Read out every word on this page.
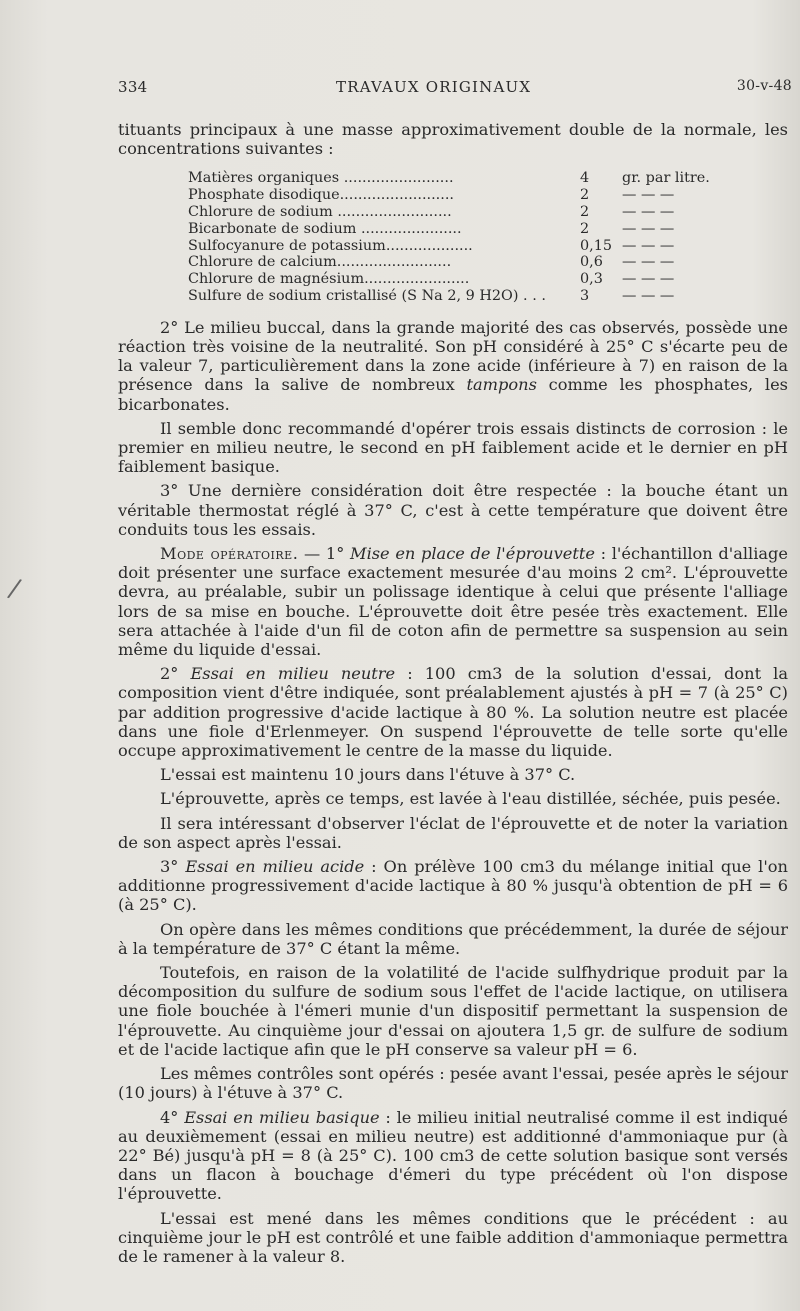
334	TRAVAUX ORIGINAUX	30-v-48
/

tituants principaux à une masse approximativement double de la normale, les concentrations suivantes :

Matières organiques ........................	4	gr. par litre.
Phosphate disodique.........................	2	— — —
Chlorure de sodium .........................	2	— — —
Bicarbonate de sodium ......................	2	— — —
Sulfocyanure de potassium...................	0,15	— — —
Chlorure de calcium.........................	0,6	— — —
Chlorure de magnésium.......................	0,3	— — —
Sulfure de sodium cristallisé (S Na 2, 9 H2O) . . .	3	— — —

2° Le milieu buccal, dans la grande majorité des cas observés, possède une réaction très voisine de la neutralité. Son pH considéré à 25° C s'écarte peu de la valeur 7, particulièrement dans la zone acide (inférieure à 7) en raison de la présence dans la salive de nombreux tampons comme les phosphates, les bicarbonates.

Il semble donc recommandé d'opérer trois essais distincts de corrosion : le premier en milieu neutre, le second en pH faiblement acide et le dernier en pH faiblement basique.

3° Une dernière considération doit être respectée : la bouche étant un véritable thermostat réglé à 37° C, c'est à cette température que doivent être conduits tous les essais.

Mode opératoire. — 1° Mise en place de l'éprouvette : l'échantillon d'alliage doit présenter une surface exactement mesurée d'au moins 2 cm². L'éprouvette devra, au préalable, subir un polissage identique à celui que présente l'alliage lors de sa mise en bouche. L'éprouvette doit être pesée très exactement. Elle sera attachée à l'aide d'un fil de coton afin de permettre sa suspension au sein même du liquide d'essai.

2° Essai en milieu neutre : 100 cm3 de la solution d'essai, dont la composition vient d'être indiquée, sont préalablement ajustés à pH = 7 (à 25° C) par addition progressive d'acide lactique à 80 %. La solution neutre est placée dans une fiole d'Erlenmeyer. On suspend l'éprouvette de telle sorte qu'elle occupe approximativement le centre de la masse du liquide.

L'essai est maintenu 10 jours dans l'étuve à 37° C.

L'éprouvette, après ce temps, est lavée à l'eau distillée, séchée, puis pesée.

Il sera intéressant d'observer l'éclat de l'éprouvette et de noter la variation de son aspect après l'essai.

3° Essai en milieu acide : On prélève 100 cm3 du mélange initial que l'on additionne progressivement d'acide lactique à 80 % jusqu'à obtention de pH = 6 (à 25° C).

On opère dans les mêmes conditions que précédemment, la durée de séjour à la température de 37° C étant la même.

Toutefois, en raison de la volatilité de l'acide sulfhydrique produit par la décomposition du sulfure de sodium sous l'effet de l'acide lactique, on utilisera une fiole bouchée à l'émeri munie d'un dispositif permettant la suspension de l'éprouvette. Au cinquième jour d'essai on ajoutera 1,5 gr. de sulfure de sodium et de l'acide lactique afin que le pH conserve sa valeur pH = 6.

Les mêmes contrôles sont opérés : pesée avant l'essai, pesée après le séjour (10 jours) à l'étuve à 37° C.

4° Essai en milieu basique : le milieu initial neutralisé comme il est indiqué au deuxièmement (essai en milieu neutre) est additionné d'ammoniaque pur (à 22° Bé) jusqu'à pH = 8 (à 25° C). 100 cm3 de cette solution basique sont versés dans un flacon à bouchage d'émeri du type précédent où l'on dispose l'éprouvette.

L'essai est mené dans les mêmes conditions que le précédent : au cinquième jour le pH est contrôlé et une faible addition d'ammoniaque permettra de le ramener à la valeur 8.
